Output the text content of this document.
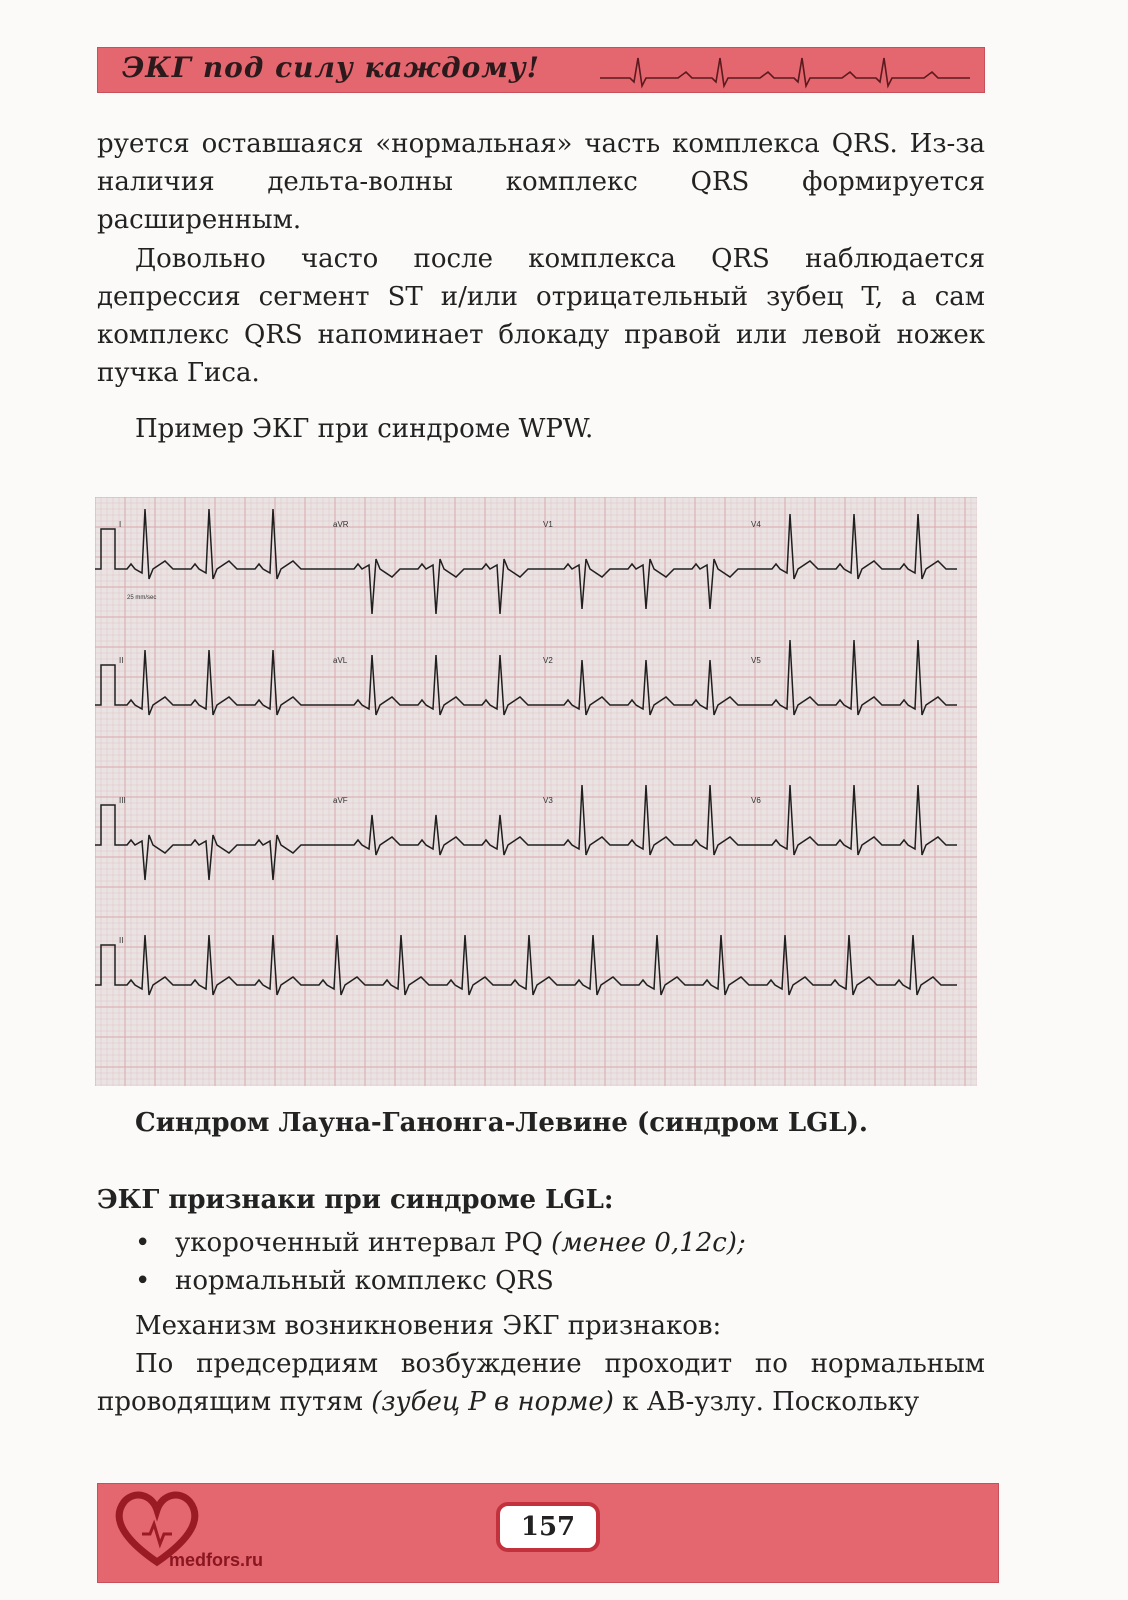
ЭКГ под силу каждому!

руется оставшаяся «нормальная» часть комплекса QRS. Из-за наличия дельта-волны комплекс QRS формируется расширенным.

Довольно часто после комплекса QRS наблюдается депрессия сегмент ST и/или отрицательный зубец T, а сам комплекс QRS напоминает блокаду правой или левой ножек пучка Гиса.

Пример ЭКГ при синдроме WPW.

I	aVR	V1	V4
II	aVL	V2	V5
III	aVF	V3	V6
II
25 mm/sec

Синдром Лауна-Ганонга-Левине (синдром LGL).

ЭКГ признаки при синдроме LGL:

• укороченный интервал PQ (менее 0,12с);
• нормальный комплекс QRS

Механизм возникновения ЭКГ признаков:

По предсердиям возбуждение проходит по нормальным проводящим путям (зубец P в норме) к АВ-узлу. Поскольку

medfors.ru
157
